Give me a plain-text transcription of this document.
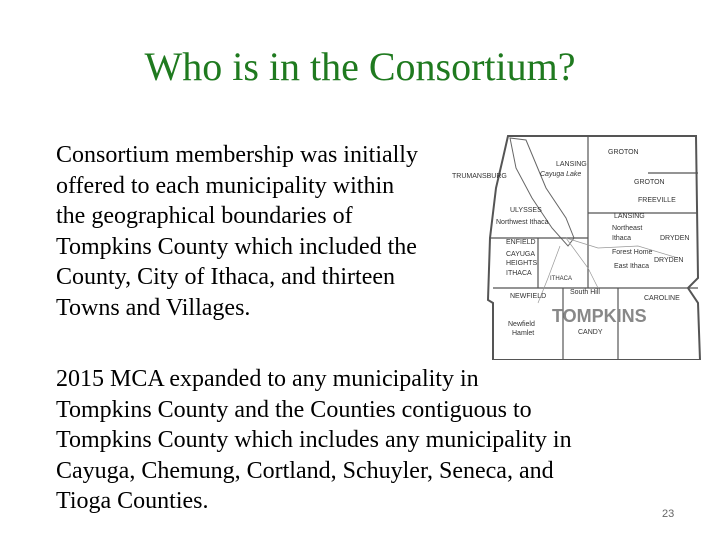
Who is in the Consortium?
Consortium membership was initially
offered to each municipality within
the geographical boundaries of
Tompkins County which included the
County, City of Ithaca, and thirteen
Towns and Villages.
Cayuga Lake
TRUMANSBURG
LANSING
GROTON
GROTON
FREEVILLE
LANSING
ULYSSES
Northwest Ithaca
Northeast
Ithaca	DRYDEN
ENFIELD
CAYUGA
HEIGHTS
Forest Home
ITHACA
East Ithaca
DRYDEN
ITHACA
NEWFIELD
South Hill
CAROLINE
Newfield
Hamlet	CANDY
TOMPKINS
2015 MCA expanded to any municipality in
Tompkins County and the Counties contiguous to
Tompkins County which includes any municipality in
Cayuga, Chemung, Cortland, Schuyler, Seneca, and
Tioga Counties.	23
